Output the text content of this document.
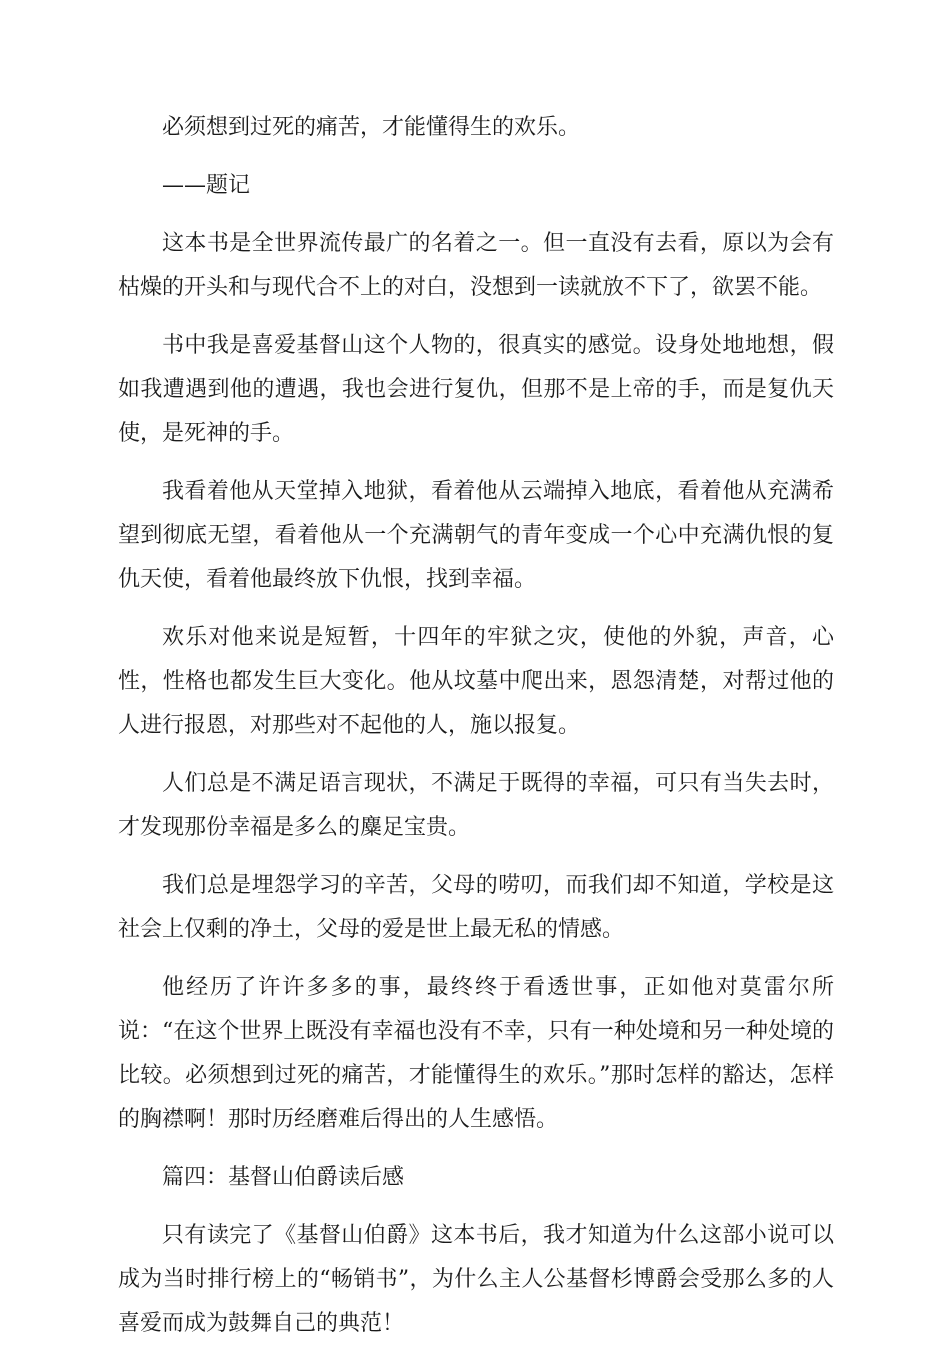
必须想到过死的痛苦，才能懂得生的欢乐。

——题记

这本书是全世界流传最广的名着之一。但一直没有去看，原以为会有枯燥的开头和与现代合不上的对白，没想到一读就放不下了，欲罢不能。

书中我是喜爱基督山这个人物的，很真实的感觉。设身处地地想，假如我遭遇到他的遭遇，我也会进行复仇，但那不是上帝的手，而是复仇天使，是死神的手。

我看着他从天堂掉入地狱，看着他从云端掉入地底，看着他从充满希望到彻底无望，看着他从一个充满朝气的青年变成一个心中充满仇恨的复仇天使，看着他最终放下仇恨，找到幸福。

欢乐对他来说是短暂，十四年的牢狱之灾，使他的外貌，声音，心性，性格也都发生巨大变化。他从坟墓中爬出来，恩怨清楚，对帮过他的人进行报恩，对那些对不起他的人，施以报复。

人们总是不满足语言现状，不满足于既得的幸福，可只有当失去时，才发现那份幸福是多么的麋足宝贵。

我们总是埋怨学习的辛苦，父母的唠叨，而我们却不知道，学校是这社会上仅剩的净土，父母的爱是世上最无私的情感。

他经历了许许多多的事，最终终于看透世事，正如他对莫雷尔所说：“在这个世界上既没有幸福也没有不幸，只有一种处境和另一种处境的比较。必须想到过死的痛苦，才能懂得生的欢乐。”那时怎样的豁达，怎样的胸襟啊！那时历经磨难后得出的人生感悟。

篇四：基督山伯爵读后感

只有读完了《基督山伯爵》这本书后，我才知道为什么这部小说可以成为当时排行榜上的“畅销书”，为什么主人公基督杉博爵会受那么多的人喜爱而成为鼓舞自己的典范！
